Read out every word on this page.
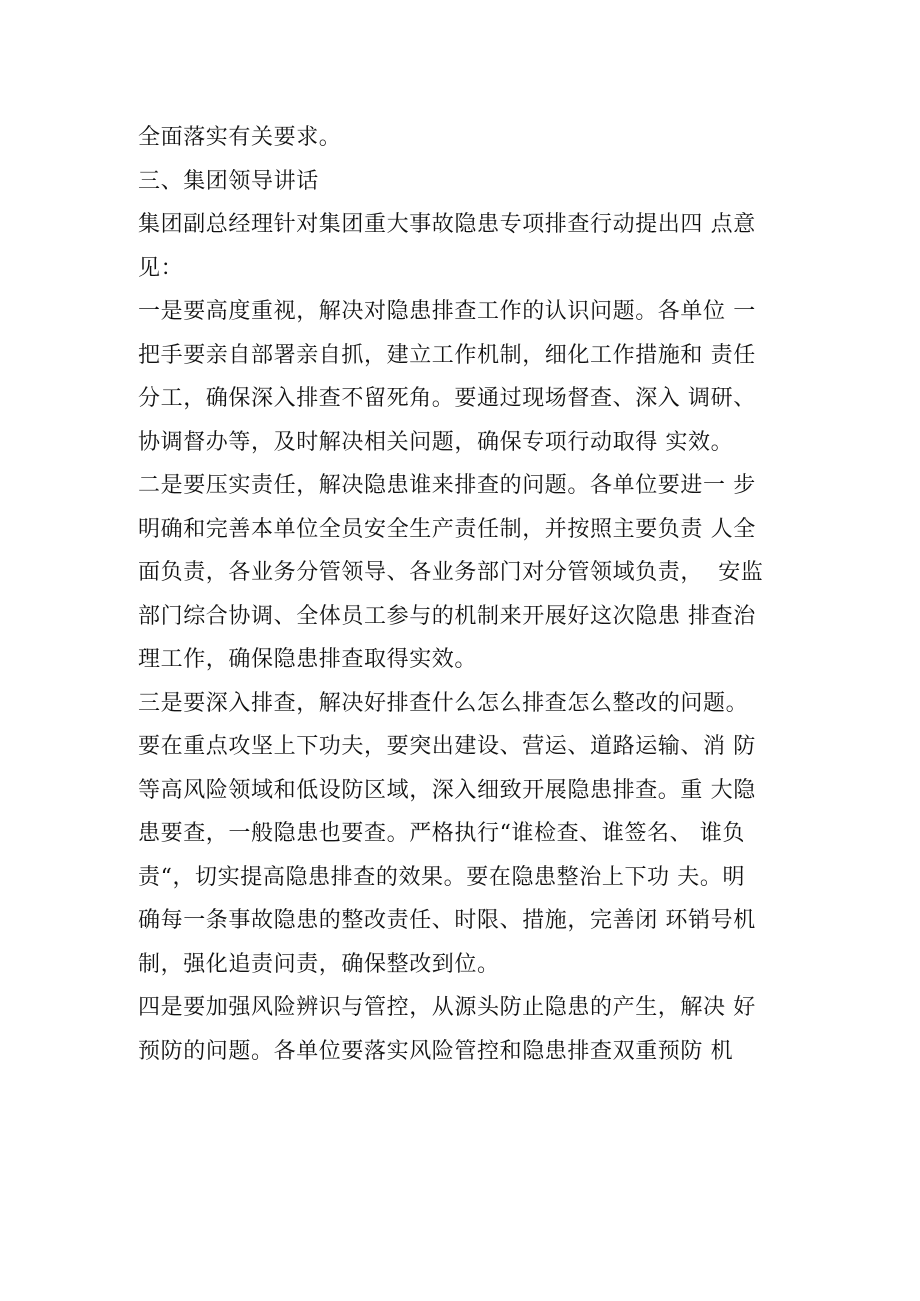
全面落实有关要求。
三、集团领导讲话
集团副总经理针对集团重大事故隐患专项排查行动提出四 点意
见：
一是要高度重视，解决对隐患排查工作的认识问题。各单位 一
把手要亲自部署亲自抓，建立工作机制，细化工作措施和 责任
分工，确保深入排查不留死角。要通过现场督查、深入 调研、
协调督办等，及时解决相关问题，确保专项行动取得 实效。
二是要压实责任，解决隐患谁来排查的问题。各单位要进一 步
明确和完善本单位全员安全生产责任制，并按照主要负责 人全
面负责，各业务分管领导、各业务部门对分管领域负责，  安监
部门综合协调、全体员工参与的机制来开展好这次隐患 排查治
理工作，确保隐患排查取得实效。
三是要深入排查，解决好排查什么怎么排查怎么整改的问题。
要在重点攻坚上下功夫，要突出建设、营运、道路运输、消 防
等高风险领域和低设防区域，深入细致开展隐患排查。重 大隐
患要查，一般隐患也要查。严格执行“谁检查、谁签名、 谁负
责“，切实提高隐患排查的效果。要在隐患整治上下功 夫。明
确每一条事故隐患的整改责任、时限、措施，完善闭 环销号机
制，强化追责问责，确保整改到位。
四是要加强风险辨识与管控，从源头防止隐患的产生，解决 好
预防的问题。各单位要落实风险管控和隐患排查双重预防 机
